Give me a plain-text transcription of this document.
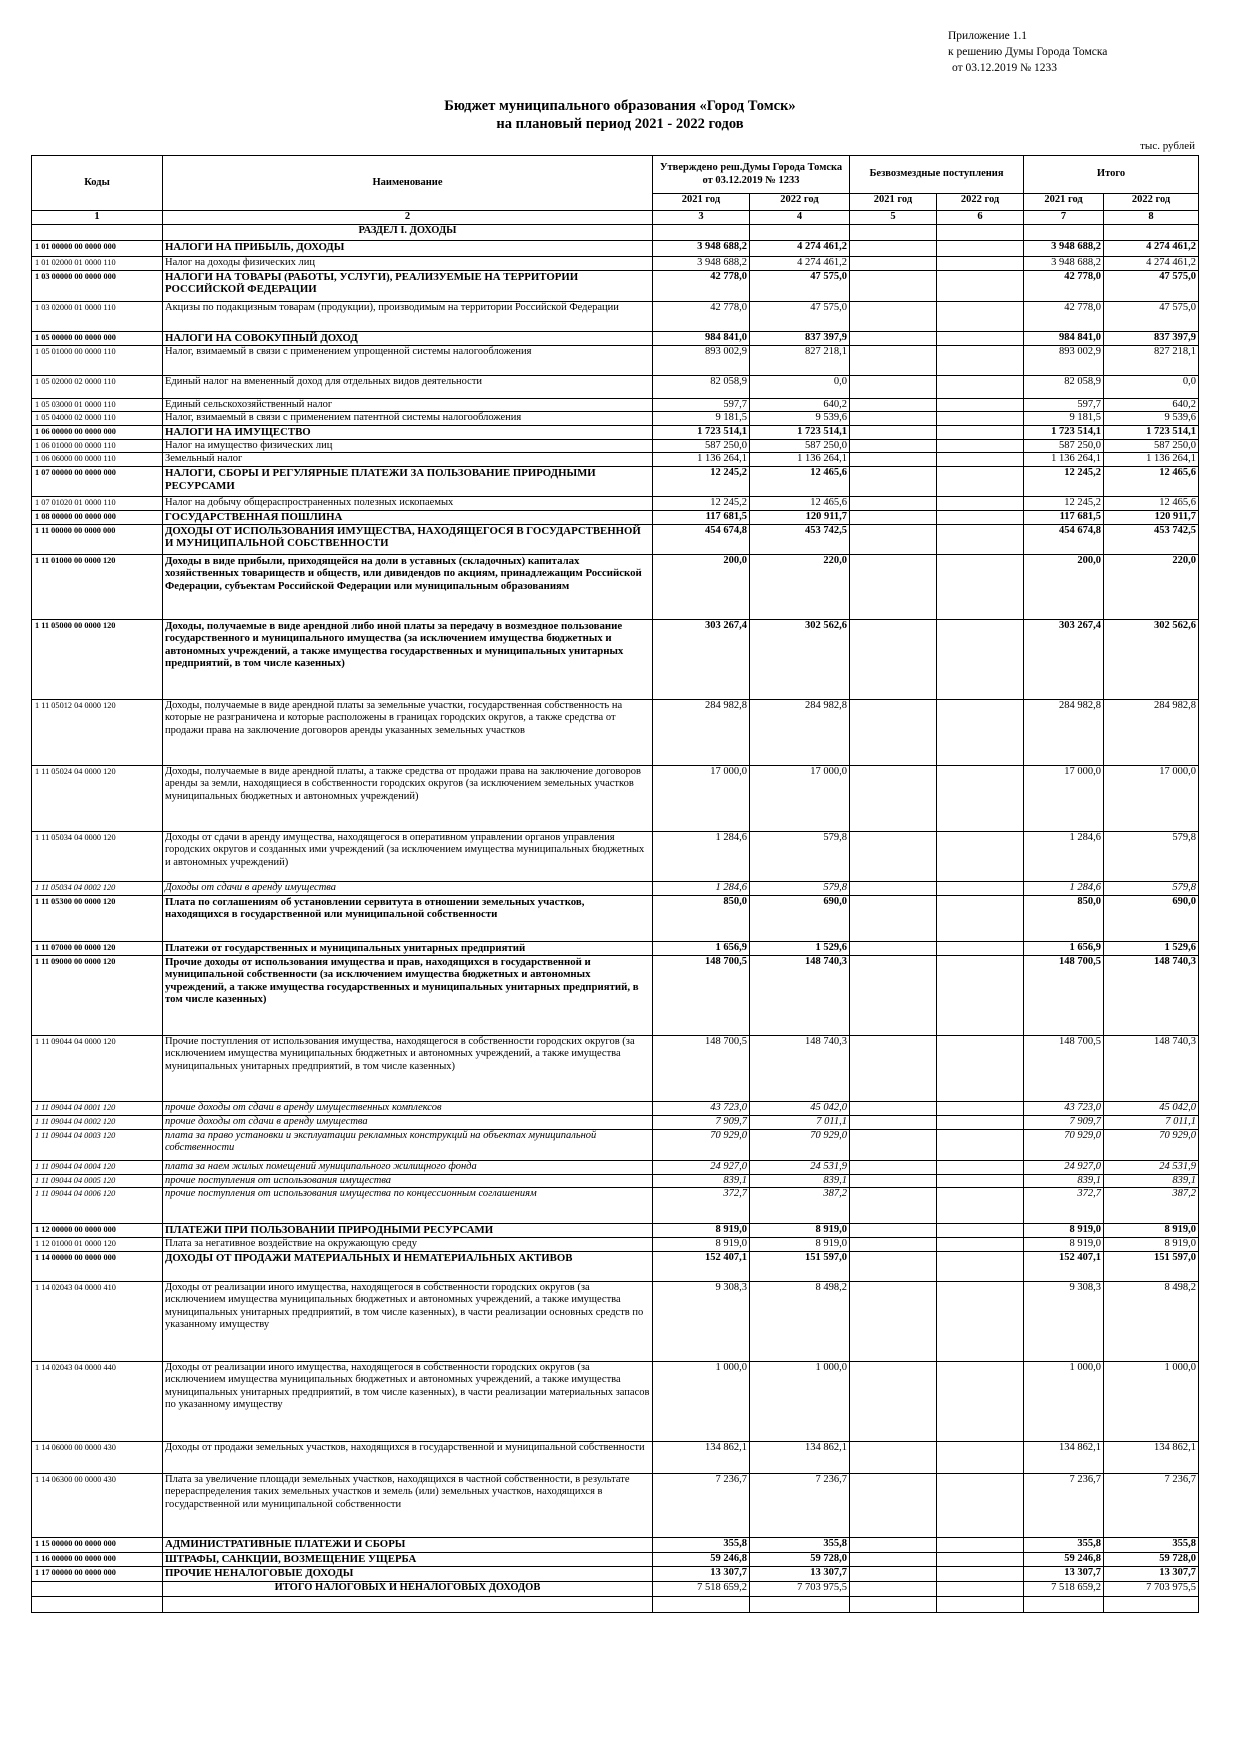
Приложение 1.1
к решению Думы Города Томска
от 03.12.2019 № 1233
Бюджет муниципального образования «Город Томск»
на плановый период 2021 - 2022 годов
тыс. рублей
Коды	Наименование	Утверждено реш.Думы Города Томска от 03.12.2019 № 1233		Безвозмездные поступления		Итого	
		2021 год	2022 год	2021 год	2022 год	2021 год	2022 год
1	2	3	4	5	6	7	8
	РАЗДЕЛ I. ДОХОДЫ						
1 01 00000 00 0000 000	НАЛОГИ НА ПРИБЫЛЬ, ДОХОДЫ	3 948 688,2	4 274 461,2			3 948 688,2	4 274 461,2
1 01 02000 01 0000 110	Налог на доходы физических лиц	3 948 688,2	4 274 461,2			3 948 688,2	4 274 461,2
1 03 00000 00 0000 000	НАЛОГИ НА ТОВАРЫ (РАБОТЫ, УСЛУГИ), РЕАЛИЗУЕМЫЕ НА ТЕРРИТОРИИ РОССИЙСКОЙ ФЕДЕРАЦИИ	42 778,0	47 575,0			42 778,0	47 575,0
1 03 02000 01 0000 110	Акцизы по подакцизным товарам (продукции), производимым на территории Российской Федерации	42 778,0	47 575,0			42 778,0	47 575,0
1 05 00000 00 0000 000	НАЛОГИ НА СОВОКУПНЫЙ ДОХОД	984 841,0	837 397,9			984 841,0	837 397,9
1 05 01000 00 0000 110	Налог, взимаемый в связи с применением упрощенной системы налогообложения	893 002,9	827 218,1			893 002,9	827 218,1
1 05 02000 02 0000 110	Единый налог на вмененный доход для отдельных видов деятельности	82 058,9	0,0			82 058,9	0,0
1 05 03000 01 0000 110	Единый сельскохозяйственный налог	597,7	640,2			597,7	640,2
1 05 04000 02 0000 110	Налог, взимаемый в связи с применением патентной системы налогообложения	9 181,5	9 539,6			9 181,5	9 539,6
1 06 00000 00 0000 000	НАЛОГИ НА ИМУЩЕСТВО	1 723 514,1	1 723 514,1			1 723 514,1	1 723 514,1
1 06 01000 00 0000 110	Налог на имущество физических лиц	587 250,0	587 250,0			587 250,0	587 250,0
1 06 06000 00 0000 110	Земельный налог	1 136 264,1	1 136 264,1			1 136 264,1	1 136 264,1
1 07 00000 00 0000 000	НАЛОГИ, СБОРЫ И РЕГУЛЯРНЫЕ ПЛАТЕЖИ ЗА ПОЛЬЗОВАНИЕ ПРИРОДНЫМИ РЕСУРСАМИ	12 245,2	12 465,6			12 245,2	12 465,6
1 07 01020 01 0000 110	Налог на добычу общераспространенных полезных ископаемых	12 245,2	12 465,6			12 245,2	12 465,6
1 08 00000 00 0000 000	ГОСУДАРСТВЕННАЯ ПОШЛИНА	117 681,5	120 911,7			117 681,5	120 911,7
1 11 00000 00 0000 000	ДОХОДЫ ОТ ИСПОЛЬЗОВАНИЯ ИМУЩЕСТВА, НАХОДЯЩЕГОСЯ В ГОСУДАРСТВЕННОЙ И МУНИЦИПАЛЬНОЙ СОБСТВЕННОСТИ	454 674,8	453 742,5			454 674,8	453 742,5
1 11 01000 00 0000 120	Доходы в виде прибыли, приходящейся на доли в уставных (складочных) капиталах хозяйственных товариществ и обществ, или дивидендов по акциям, принадлежащим Российской Федерации, субъектам Российской Федерации или муниципальным образованиям	200,0	220,0			200,0	220,0
1 11 05000 00 0000 120	Доходы, получаемые в виде арендной либо иной платы за передачу в возмездное пользование государственного и муниципального имущества (за исключением имущества бюджетных и автономных учреждений, а также имущества государственных и муниципальных унитарных предприятий, в том числе казенных)	303 267,4	302 562,6			303 267,4	302 562,6
1 11 05012 04 0000 120	Доходы, получаемые в виде арендной платы за земельные участки, государственная собственность на которые не разграничена и которые расположены в границах городских округов, а также средства от продажи права на заключение договоров аренды указанных земельных участков	284 982,8	284 982,8			284 982,8	284 982,8
1 11 05024 04 0000 120	Доходы, получаемые в виде арендной платы, а также средства от продажи права на заключение договоров аренды за земли, находящиеся в собственности городских округов (за исключением земельных участков муниципальных бюджетных и автономных учреждений)	17 000,0	17 000,0			17 000,0	17 000,0
1 11 05034 04 0000 120	Доходы от сдачи в аренду имущества, находящегося в оперативном управлении органов управления городских округов и созданных ими учреждений (за исключением имущества муниципальных бюджетных и автономных учреждений)	1 284,6	579,8			1 284,6	579,8
1 11 05034 04 0002 120	Доходы от сдачи в аренду имущества	1 284,6	579,8			1 284,6	579,8
1 11 05300 00 0000 120	Плата по соглашениям об установлении сервитута в отношении земельных участков, находящихся в государственной или муниципальной собственности	850,0	690,0			850,0	690,0
1 11 07000 00 0000 120	Платежи от государственных и муниципальных унитарных предприятий	1 656,9	1 529,6			1 656,9	1 529,6
1 11 09000 00 0000 120	Прочие доходы от использования имущества и прав, находящихся в государственной и муниципальной собственности (за исключением имущества бюджетных и автономных учреждений, а также имущества государственных и муниципальных унитарных предприятий, в том числе казенных)	148 700,5	148 740,3			148 700,5	148 740,3
1 11 09044 04 0000 120	Прочие поступления от использования имущества, находящегося в собственности городских округов (за исключением имущества муниципальных бюджетных и автономных учреждений, а также имущества муниципальных унитарных предприятий, в том числе казенных)	148 700,5	148 740,3			148 700,5	148 740,3
1 11 09044 04 0001 120	прочие доходы от сдачи в аренду имущественных комплексов	43 723,0	45 042,0			43 723,0	45 042,0
1 11 09044 04 0002 120	прочие доходы от сдачи в аренду имущества	7 909,7	7 011,1			7 909,7	7 011,1
1 11 09044 04 0003 120	плата за право установки и эксплуатации рекламных конструкций на объектах муниципальной собственности	70 929,0	70 929,0			70 929,0	70 929,0
1 11 09044 04 0004 120	плата за наем жилых помещений муниципального жилищного фонда	24 927,0	24 531,9			24 927,0	24 531,9
1 11 09044 04 0005 120	прочие поступления от использования имущества	839,1	839,1			839,1	839,1
1 11 09044 04 0006 120	прочие поступления от использования имущества по концессионным соглашениям	372,7	387,2			372,7	387,2
1 12 00000 00 0000 000	ПЛАТЕЖИ ПРИ ПОЛЬЗОВАНИИ ПРИРОДНЫМИ РЕСУРСАМИ	8 919,0	8 919,0			8 919,0	8 919,0
1 12 01000 01 0000 120	Плата за негативное воздействие на окружающую среду	8 919,0	8 919,0			8 919,0	8 919,0
1 14 00000 00 0000 000	ДОХОДЫ ОТ ПРОДАЖИ МАТЕРИАЛЬНЫХ И НЕМАТЕРИАЛЬНЫХ АКТИВОВ	152 407,1	151 597,0			152 407,1	151 597,0
1 14 02043 04 0000 410	Доходы от реализации иного имущества, находящегося в собственности городских округов (за исключением имущества муниципальных бюджетных и автономных учреждений, а также имущества муниципальных унитарных предприятий, в том числе казенных), в части реализации основных средств по указанному имуществу	9 308,3	8 498,2			9 308,3	8 498,2
1 14 02043 04 0000 440	Доходы от реализации иного имущества, находящегося в собственности городских округов (за исключением имущества муниципальных бюджетных и автономных учреждений, а также имущества муниципальных унитарных предприятий, в том числе казенных), в части реализации материальных запасов по указанному имуществу	1 000,0	1 000,0			1 000,0	1 000,0
1 14 06000 00 0000 430	Доходы от продажи земельных участков, находящихся в государственной и муниципальной собственности	134 862,1	134 862,1			134 862,1	134 862,1
1 14 06300 00 0000 430	Плата за увеличение площади земельных участков, находящихся в частной собственности, в результате перераспределения таких земельных участков и земель (или) земельных участков, находящихся в государственной или муниципальной собственности	7 236,7	7 236,7			7 236,7	7 236,7
1 15 00000 00 0000 000	АДМИНИСТРАТИВНЫЕ ПЛАТЕЖИ И СБОРЫ	355,8	355,8			355,8	355,8
1 16 00000 00 0000 000	ШТРАФЫ, САНКЦИИ, ВОЗМЕЩЕНИЕ УЩЕРБА	59 246,8	59 728,0			59 246,8	59 728,0
1 17 00000 00 0000 000	ПРОЧИЕ НЕНАЛОГОВЫЕ ДОХОДЫ	13 307,7	13 307,7			13 307,7	13 307,7
	ИТОГО НАЛОГОВЫХ И НЕНАЛОГОВЫХ ДОХОДОВ	7 518 659,2	7 703 975,5			7 518 659,2	7 703 975,5
